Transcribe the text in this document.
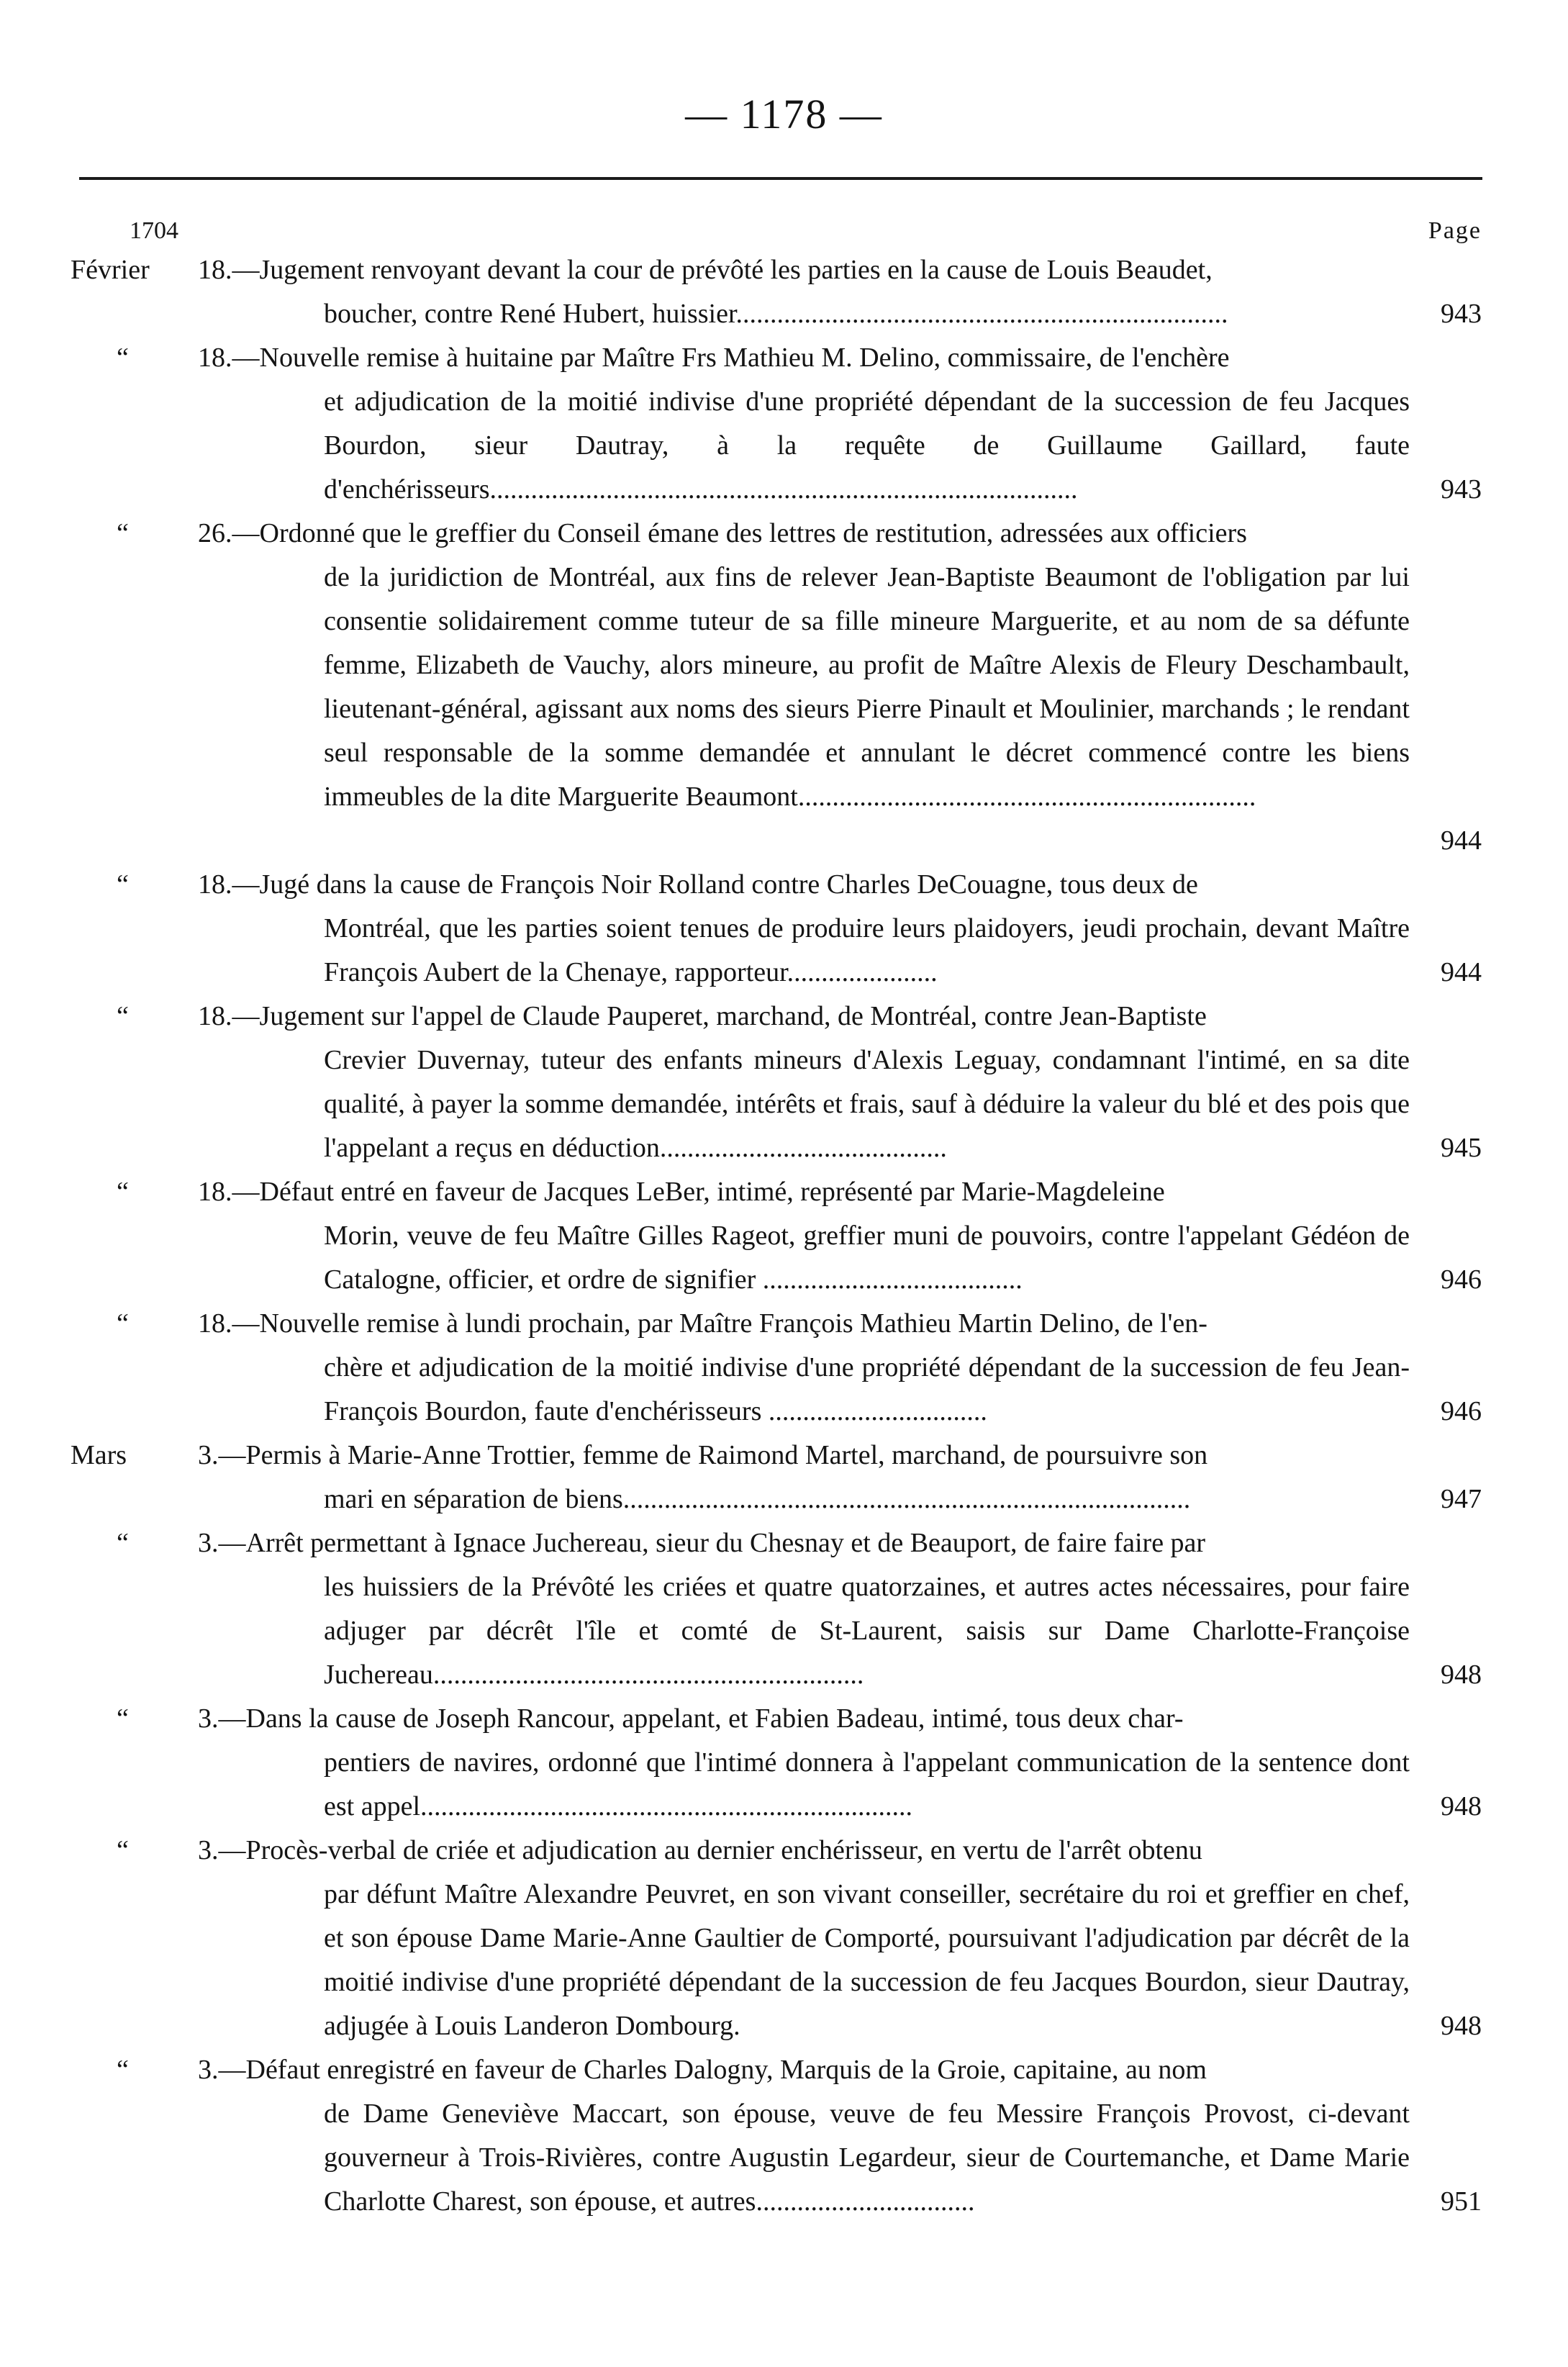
— 1178 —
1704	Page
Février	18.—Jugement renvoyant devant la cour de prévôté les parties en la cause de Louis Beaudet,
boucher, contre René Hubert, huissier........................................................................	943
“	18.—Nouvelle remise à huitaine par Maître Frs Mathieu M. Delino, commissaire, de l'enchère
et adjudication de la moitié indivise d'une propriété dépendant de la succession de feu Jacques Bourdon, sieur Dautray, à la requête de Guillaume Gaillard, faute d'enchérisseurs......................................................................................	943
“	26.—Ordonné que le greffier du Conseil émane des lettres de restitution, adressées aux officiers
de la juridiction de Montréal, aux fins de relever Jean-Baptiste Beaumont de l'obligation par lui consentie solidairement comme tuteur de sa fille mineure Marguerite, et au nom de sa défunte femme, Elizabeth de Vauchy, alors mineure, au profit de Maître Alexis de Fleury Deschambault, lieutenant-général, agissant aux noms des sieurs Pierre Pinault et Moulinier, marchands ; le rendant seul responsable de la somme demandée et annulant le décret commencé contre les biens immeubles de la dite Marguerite Beaumont...................................................................
944
“	18.—Jugé dans la cause de François Noir Rolland contre Charles DeCouagne, tous deux de
Montréal, que les parties soient tenues de produire leurs plaidoyers, jeudi prochain, devant Maître François Aubert de la Chenaye, rapporteur......................	944
“	18.—Jugement sur l'appel de Claude Pauperet, marchand, de Montréal, contre Jean-Baptiste
Crevier Duvernay, tuteur des enfants mineurs d'Alexis Leguay, condamnant l'intimé, en sa dite qualité, à payer la somme demandée, intérêts et frais, sauf à déduire la valeur du blé et des pois que l'appelant a reçus en déduction..........................................	945
“	18.—Défaut entré en faveur de Jacques LeBer, intimé, représenté par Marie-Magdeleine
Morin, veuve de feu Maître Gilles Rageot, greffier muni de pouvoirs, contre l'appelant Gédéon de Catalogne, officier, et ordre de signifier ......................................	946
“	18.—Nouvelle remise à lundi prochain, par Maître François Mathieu Martin Delino, de l'en-
chère et adjudication de la moitié indivise d'une propriété dépendant de la succession de feu Jean-François Bourdon, faute d'enchérisseurs ................................	946
Mars	3.—Permis à Marie-Anne Trottier, femme de Raimond Martel, marchand, de poursuivre son
mari en séparation de biens...................................................................................	947
“	3.—Arrêt permettant à Ignace Juchereau, sieur du Chesnay et de Beauport, de faire faire par
les huissiers de la Prévôté les criées et quatre quatorzaines, et autres actes nécessaires, pour faire adjuger par décrêt l'île et comté de St-Laurent, saisis sur Dame Charlotte-Françoise Juchereau...............................................................	948
“	3.—Dans la cause de Joseph Rancour, appelant, et Fabien Badeau, intimé, tous deux char-
pentiers de navires, ordonné que l'intimé donnera à l'appelant communication de la sentence dont est appel........................................................................	948
“	3.—Procès-verbal de criée et adjudication au dernier enchérisseur, en vertu de l'arrêt obtenu
par défunt Maître Alexandre Peuvret, en son vivant conseiller, secrétaire du roi et greffier en chef, et son épouse Dame Marie-Anne Gaultier de Comporté, poursuivant l'adjudication par décrêt de la moitié indivise d'une propriété dépendant de la succession de feu Jacques Bourdon, sieur Dautray, adjugée à Louis Landeron Dombourg.	948
“	3.—Défaut enregistré en faveur de Charles Dalogny, Marquis de la Groie, capitaine, au nom
de Dame Geneviève Maccart, son épouse, veuve de feu Messire François Provost, ci-devant gouverneur à Trois-Rivières, contre Augustin Legardeur, sieur de Courtemanche, et Dame Marie Charlotte Charest, son épouse, et autres................................	951
